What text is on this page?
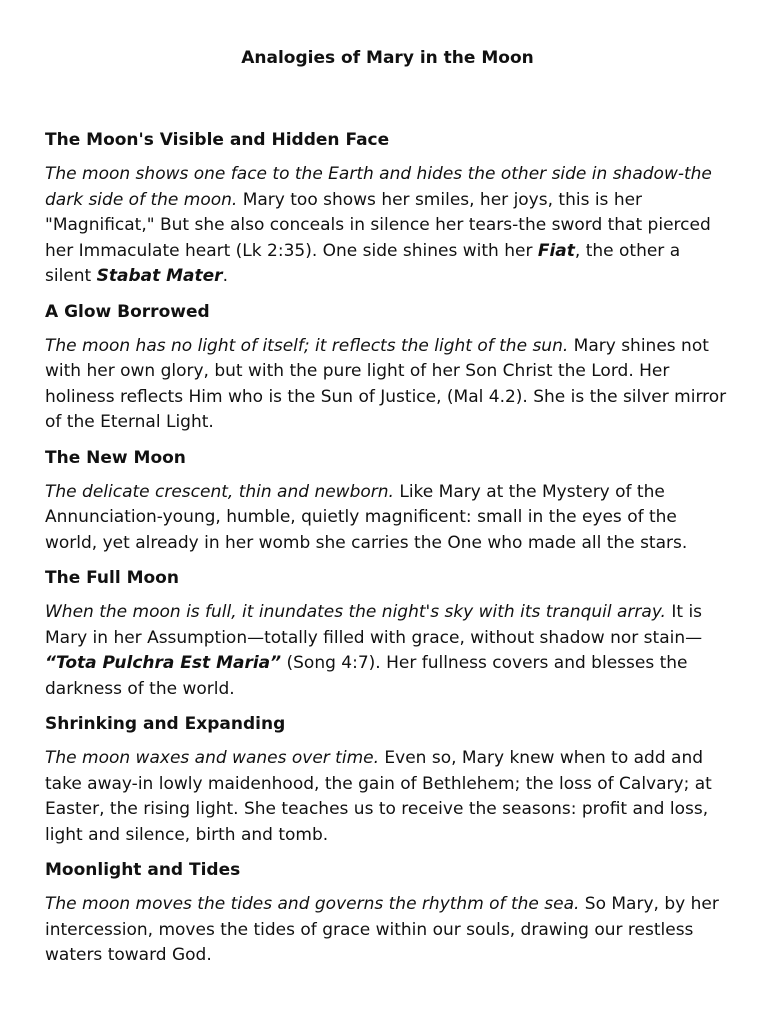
Analogies of Mary in the Moon
The Moon's Visible and Hidden Face

The moon shows one face to the Earth and hides the other side in shadow-the dark side of the moon. Mary too shows her smiles, her joys, this is her "Magnificat," But she also conceals in silence her tears-the sword that pierced her Immaculate heart (Lk 2:35). One side shines with her Fiat, the other a silent Stabat Mater.

A Glow Borrowed

The moon has no light of itself; it reflects the light of the sun. Mary shines not with her own glory, but with the pure light of her Son Christ the Lord. Her holiness reflects Him who is the Sun of Justice, (Mal 4.2). She is the silver mirror of the Eternal Light.

The New Moon

The delicate crescent, thin and newborn. Like Mary at the Mystery of the Annunciation-young, humble, quietly magnificent: small in the eyes of the world, yet already in her womb she carries the One who made all the stars.

The Full Moon

When the moon is full, it inundates the night's sky with its tranquil array. It is Mary in her Assumption—totally filled with grace, without shadow nor stain— “Tota Pulchra Est Maria” (Song 4:7). Her fullness covers and blesses the darkness of the world.

Shrinking and Expanding

The moon waxes and wanes over time. Even so, Mary knew when to add and take away-in lowly maidenhood, the gain of Bethlehem; the loss of Calvary; at Easter, the rising light. She teaches us to receive the seasons: profit and loss, light and silence, birth and tomb.

Moonlight and Tides

The moon moves the tides and governs the rhythm of the sea. So Mary, by her intercession, moves the tides of grace within our souls, drawing our restless waters toward God.
